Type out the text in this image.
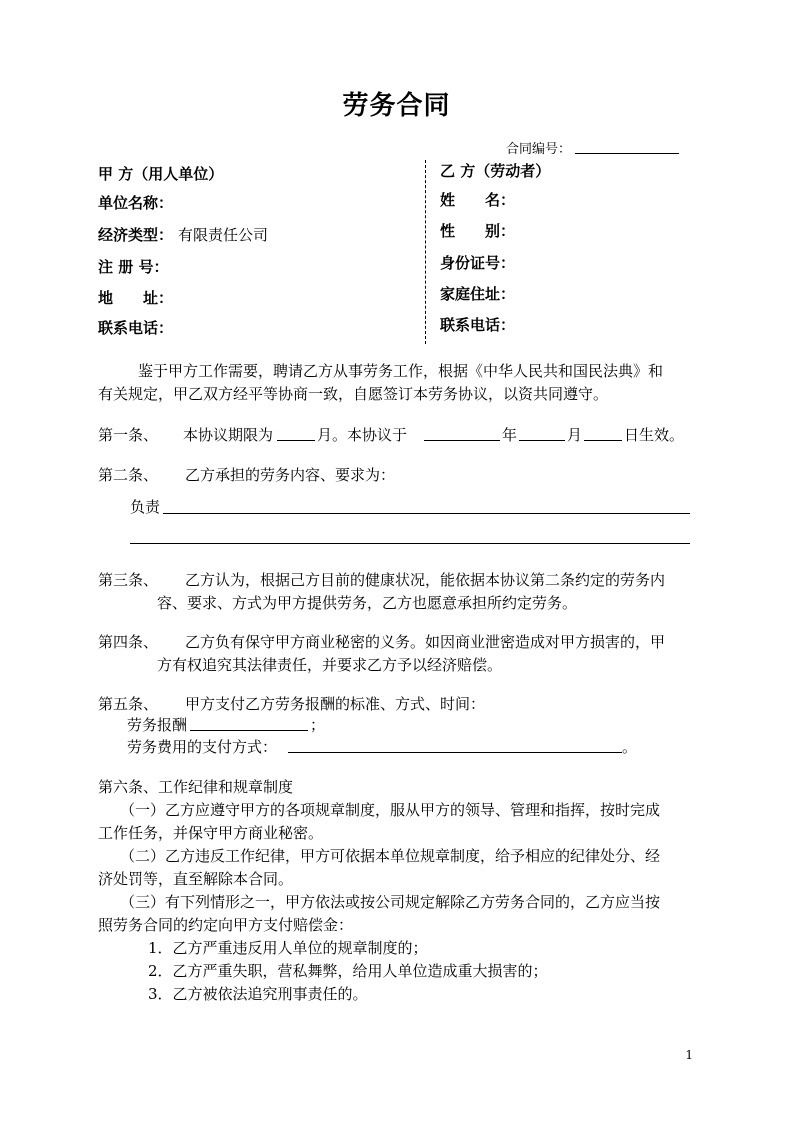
劳务合同
合同编号：
甲 方（用人单位）
单位名称：
经济类型： 有限责任公司
注 册 号：
地　　址：
联系电话：
乙 方（劳动者）
姓　　名：
性　　别：
身份证号：
家庭住址：
联系电话：
鉴于甲方工作需要，聘请乙方从事劳务工作，根据《中华人民共和国民法典》和
有关规定，甲乙双方经平等协商一致，自愿签订本劳务协议，以资共同遵守。
第一条、 本协议期限为	月。本协议于	年	月	日生效。
第二条、 乙方承担的劳务内容、要求为：
负责
第三条、 乙方认为，根据己方目前的健康状况，能依据本协议第二条约定的劳务内
容、要求、方式为甲方提供劳务，乙方也愿意承担所约定劳务。
第四条、 乙方负有保守甲方商业秘密的义务。如因商业泄密造成对甲方损害的，甲
方有权追究其法律责任，并要求乙方予以经济赔偿。
第五条、 甲方支付乙方劳务报酬的标准、方式、时间：
劳务报酬	；
劳务费用的支付方式：	。
第六条、工作纪律和规章制度
（一）乙方应遵守甲方的各项规章制度，服从甲方的领导、管理和指挥，按时完成
工作任务，并保守甲方商业秘密。
（二）乙方违反工作纪律，甲方可依据本单位规章制度，给予相应的纪律处分、经
济处罚等，直至解除本合同。
（三）有下列情形之一，甲方依法或按公司规定解除乙方劳务合同的，乙方应当按
照劳务合同的约定向甲方支付赔偿金：
1．乙方严重违反用人单位的规章制度的；
2．乙方严重失职，营私舞弊，给用人单位造成重大损害的；
3．乙方被依法追究刑事责任的。
1
